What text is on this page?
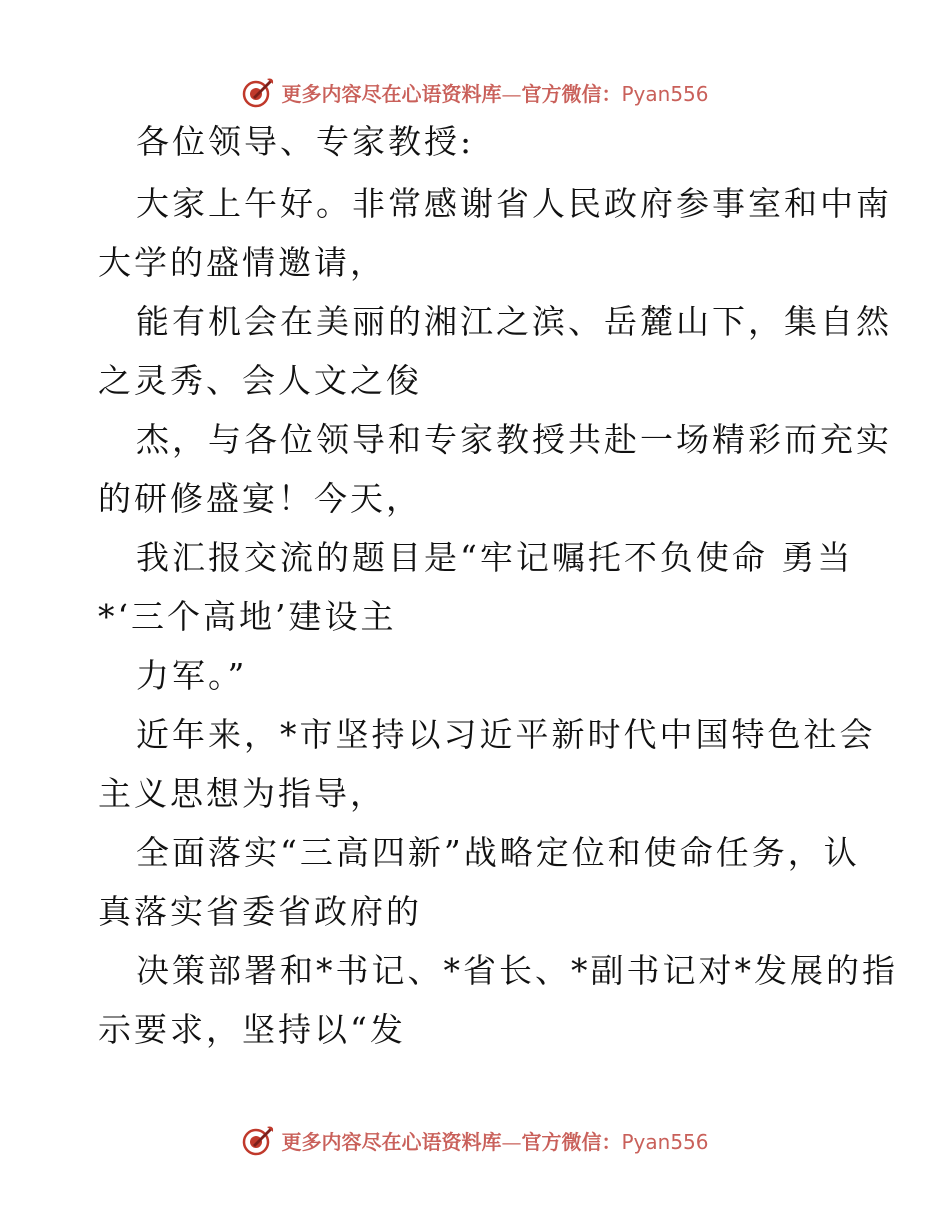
更多内容尽在心语资料库—官方微信：Pyan556
各位领导、专家教授:
大家上午好。非常感谢省人民政府参事室和中南
大学的盛情邀请，
能有机会在美丽的湘江之滨、岳麓山下，集自然
之灵秀、会人文之俊
杰，与各位领导和专家教授共赴一场精彩而充实
的研修盛宴！今天，
我汇报交流的题目是“牢记嘱托不负使命 勇当
*‘三个高地’建设主
力军。”
近年来，*市坚持以习近平新时代中国特色社会
主义思想为指导，
全面落实“三高四新”战略定位和使命任务，认
真落实省委省政府的
决策部署和*书记、*省长、*副书记对*发展的指
示要求，坚持以“发
更多内容尽在心语资料库—官方微信：Pyan556
